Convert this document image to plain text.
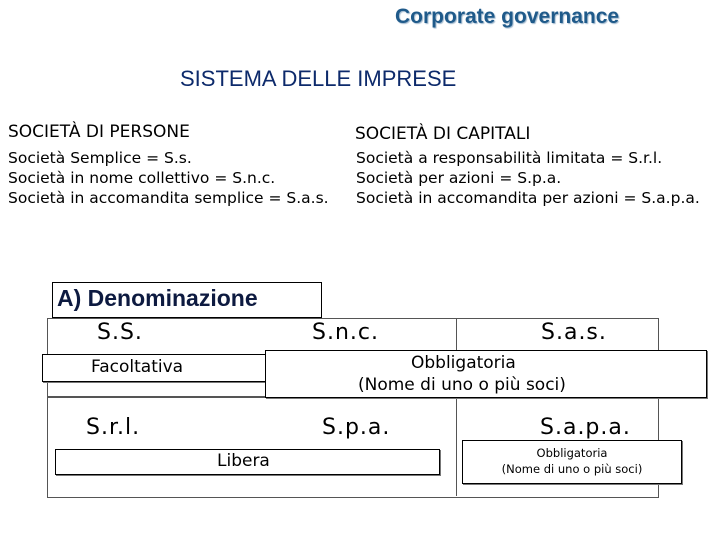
Corporate governance
SISTEMA DELLE IMPRESE
SOCIETÀ DI PERSONE
Società Semplice = S.s.
Società in nome collettivo = S.n.c.
Società in accomandita semplice = S.a.s.
SOCIETÀ DI CAPITALI
Società a responsabilità limitata = S.r.l.
Società per azioni = S.p.a.
Società in accomandita per azioni = S.a.p.a.
A) Denominazione
S.S.	S.n.c.	S.a.s.
Facoltativa	Obbligatoria
(Nome di uno o più soci)
S.r.l.	S.p.a.	S.a.p.a.
Libera	Obbligatoria
(Nome di uno o più soci)
